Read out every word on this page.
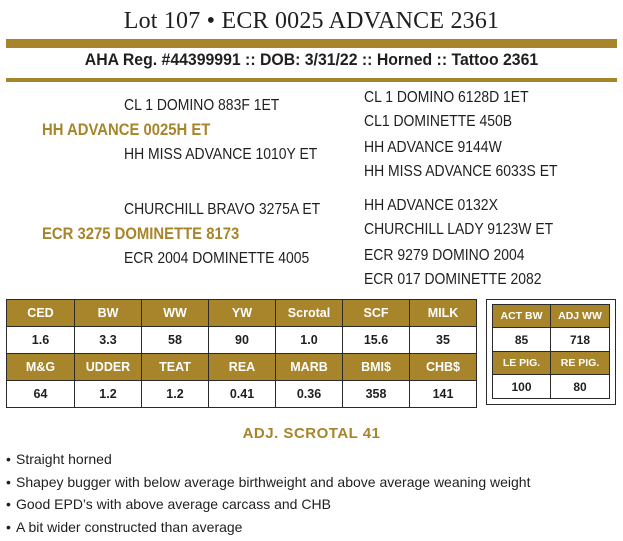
Lot 107 • ECR 0025 ADVANCE 2361
AHA Reg. #44399991 :: DOB: 3/31/22 :: Horned :: Tattoo 2361
CL 1 DOMINO 883F 1ET
HH ADVANCE 0025H ET
HH MISS ADVANCE 1010Y ET
CL 1 DOMINO 6128D 1ET
CL1 DOMINETTE 450B
HH ADVANCE 9144W
HH MISS ADVANCE 6033S ET
CHURCHILL BRAVO 3275A ET
ECR 3275 DOMINETTE 8173
ECR 2004 DOMINETTE 4005
HH ADVANCE 0132X
CHURCHILL LADY 9123W ET
ECR 9279 DOMINO 2004
ECR 017 DOMINETTE 2082
CED	BW	WW	YW	Scrotal	SCF	MILK
1.6	3.3	58	90	1.0	15.6	35
M&G	UDDER	TEAT	REA	MARB	BMI$	CHB$
64	1.2	1.2	0.41	0.36	358	141
ACT BW	ADJ WW
85	718
LE PIG.	RE PIG.
100	80
ADJ. SCROTAL 41
• Straight horned
• Shapey bugger with below average birthweight and above average weaning weight
• Good EPD’s with above average carcass and CHB
• A bit wider constructed than average
